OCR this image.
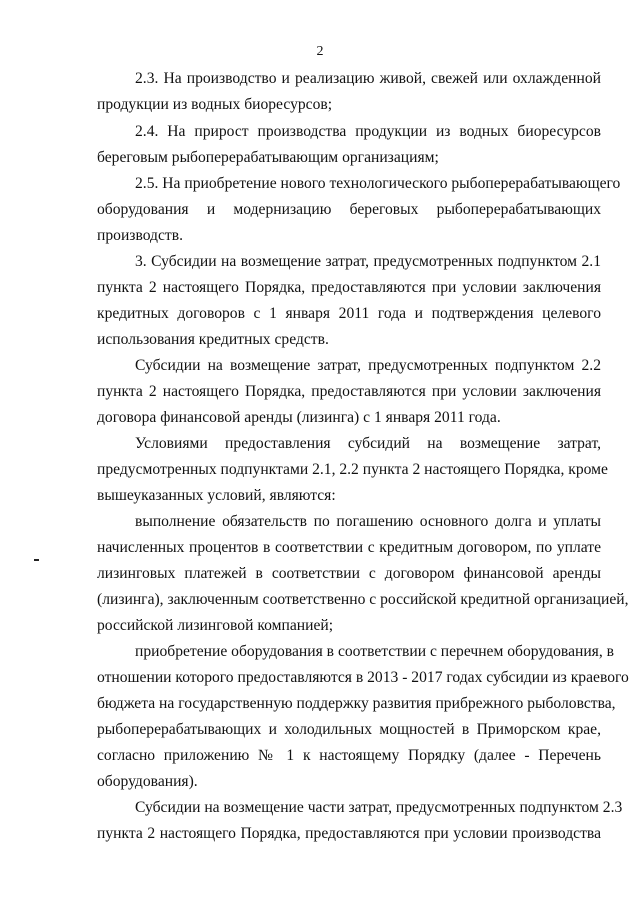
2
2.3. На производство и реализацию живой, свежей или охлажденной
продукции из водных биоресурсов;
2.4. На прирост производства продукции из водных биоресурсов
береговым рыбоперерабатывающим организациям;
2.5. На приобретение нового технологического рыбоперерабатывающего
оборудования и модернизацию береговых рыбоперерабатывающих
производств.
3. Субсидии на возмещение затрат, предусмотренных подпунктом 2.1
пункта 2 настоящего Порядка, предоставляются при условии заключения
кредитных договоров с 1 января 2011 года и подтверждения целевого
использования кредитных средств.
Субсидии на возмещение затрат, предусмотренных подпунктом 2.2
пункта 2 настоящего Порядка, предоставляются при условии заключения
договора финансовой аренды (лизинга) с 1 января 2011 года.
Условиями предоставления субсидий на возмещение затрат,
предусмотренных подпунктами 2.1, 2.2 пункта 2 настоящего Порядка, кроме
вышеуказанных условий, являются:
выполнение обязательств по погашению основного долга и уплаты
начисленных процентов в соответствии с кредитным договором, по уплате
лизинговых платежей в соответствии с договором финансовой аренды
(лизинга), заключенным соответственно с российской кредитной организацией,
российской лизинговой компанией;
приобретение оборудования в соответствии с перечнем оборудования, в
отношении которого предоставляются в 2013 - 2017 годах субсидии из краевого
бюджета на государственную поддержку развития прибрежного рыболовства,
рыбоперерабатывающих и холодильных мощностей в Приморском крае,
согласно приложению № 1 к настоящему Порядку (далее - Перечень
оборудования).
Субсидии на возмещение части затрат, предусмотренных подпунктом 2.3
пункта 2 настоящего Порядка, предоставляются при условии производства
